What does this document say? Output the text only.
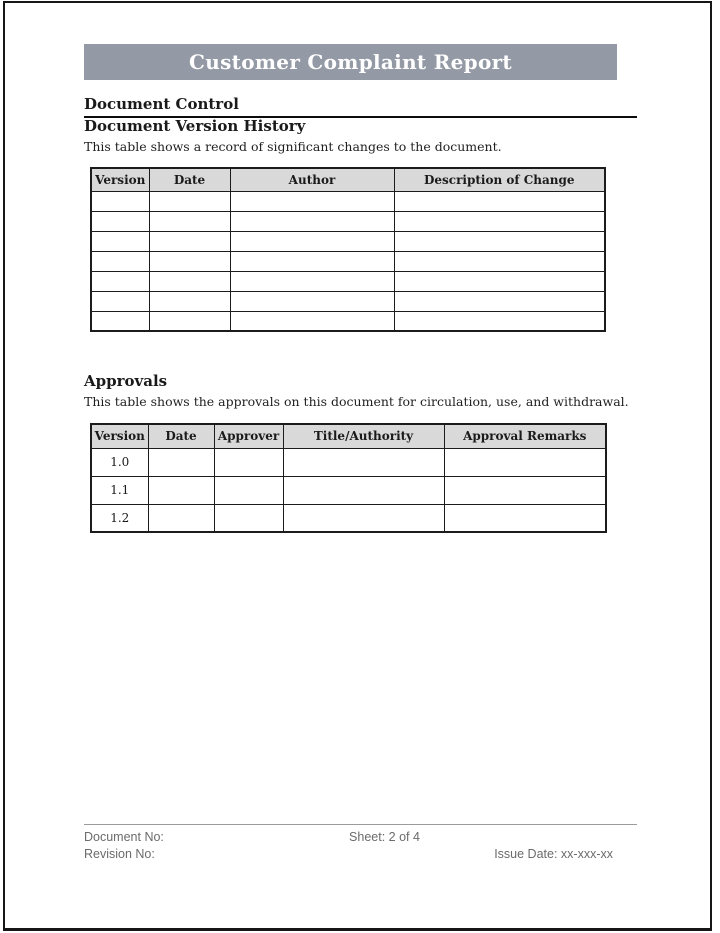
Customer Complaint Report
Document Control
Document Version History

This table shows a record of significant changes to the document.

Version	Date	Author	Description of Change

Approvals

This table shows the approvals on this document for circulation, use, and withdrawal.

Version	Date	Approver	Title/Authority	Approval Remarks
1.0				
1.1				
1.2				
Document No:	Sheet: 2 of 4
Revision No:	Issue Date: xx-xxx-xx
